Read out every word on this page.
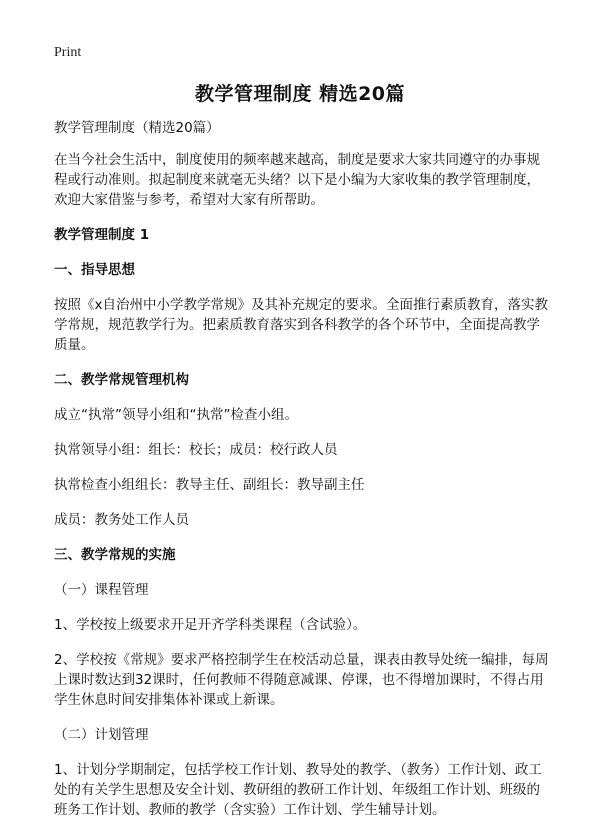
Print
教学管理制度 精选20篇

教学管理制度（精选20篇）

在当今社会生活中，制度使用的频率越来越高，制度是要求大家共同遵守的办事规程或行动准则。拟起制度来就毫无头绪？以下是小编为大家收集的教学管理制度，欢迎大家借鉴与参考，希望对大家有所帮助。

教学管理制度 1
一、指导思想

按照《x自治州中小学教学常规》及其补充规定的要求。全面推行素质教育，落实教学常规，规范教学行为。把素质教育落实到各科教学的各个环节中，全面提高教学质量。

二、教学常规管理机构

成立“执常”领导小组和“执常”检查小组。

执常领导小组：组长：校长；成员：校行政人员

执常检查小组组长：教导主任、副组长：教导副主任

成员：教务处工作人员

三、教学常规的实施

（一）课程管理

1、学校按上级要求开足开齐学科类课程（含试验）。

2、学校按《常规》要求严格控制学生在校活动总量，课表由教导处统一编排，每周上课时数达到32课时，任何教师不得随意减课、停课，也不得增加课时，不得占用学生休息时间安排集体补课或上新课。

（二）计划管理

1、计划分学期制定，包括学校工作计划、教导处的教学、（教务）工作计划、政工处的有关学生思想及安全计划、教研组的教研工作计划、年级组工作计划、班级的班务工作计划、教师的教学（含实验）工作计划、学生辅导计划。
